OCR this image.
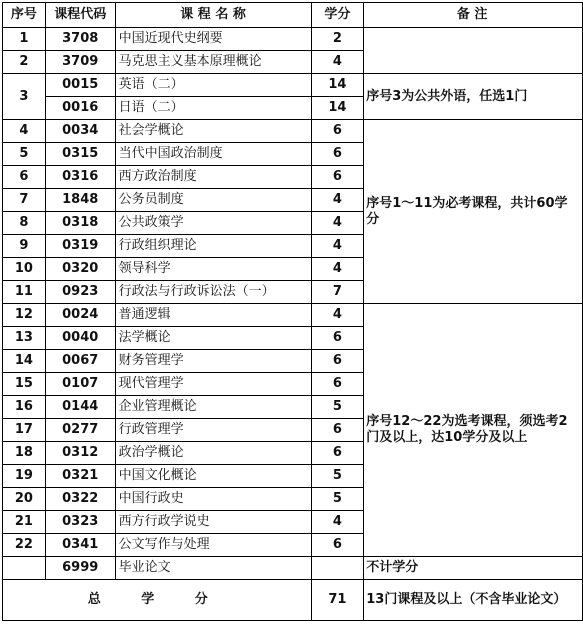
序号	课程代码	课 程 名 称	学分	备 注
1	3708	中国近现代史纲要	2	
2	3709	马克思主义基本原理概论	4	
3	0015	英语（二）	14	序号3为公共外语，任选1门
	0016	日语（二）	14	
4	0034	社会学概论	6	序号1～11为必考课程，共计60学分
5	0315	当代中国政治制度	6	
6	0316	西方政治制度	6	
7	1848	公务员制度	4	
8	0318	公共政策学	4	
9	0319	行政组织理论	4	
10	0320	领导科学	4	
11	0923	行政法与行政诉讼法（一）	7	
12	0024	普通逻辑	4	序号12～22为选考课程，须选考2门及以上，达10学分及以上
13	0040	法学概论	6	
14	0067	财务管理学	6	
15	0107	现代管理学	6	
16	0144	企业管理概论	5	
17	0277	行政管理学	6	
18	0312	政治学概论	6	
19	0321	中国文化概论	5	
20	0322	中国行政史	5	
21	0323	西方行政学说史	4	
22	0341	公文写作与处理	6	
	6999	毕业论文		不计学分
总 学 分			71	13门课程及以上（不含毕业论文）
